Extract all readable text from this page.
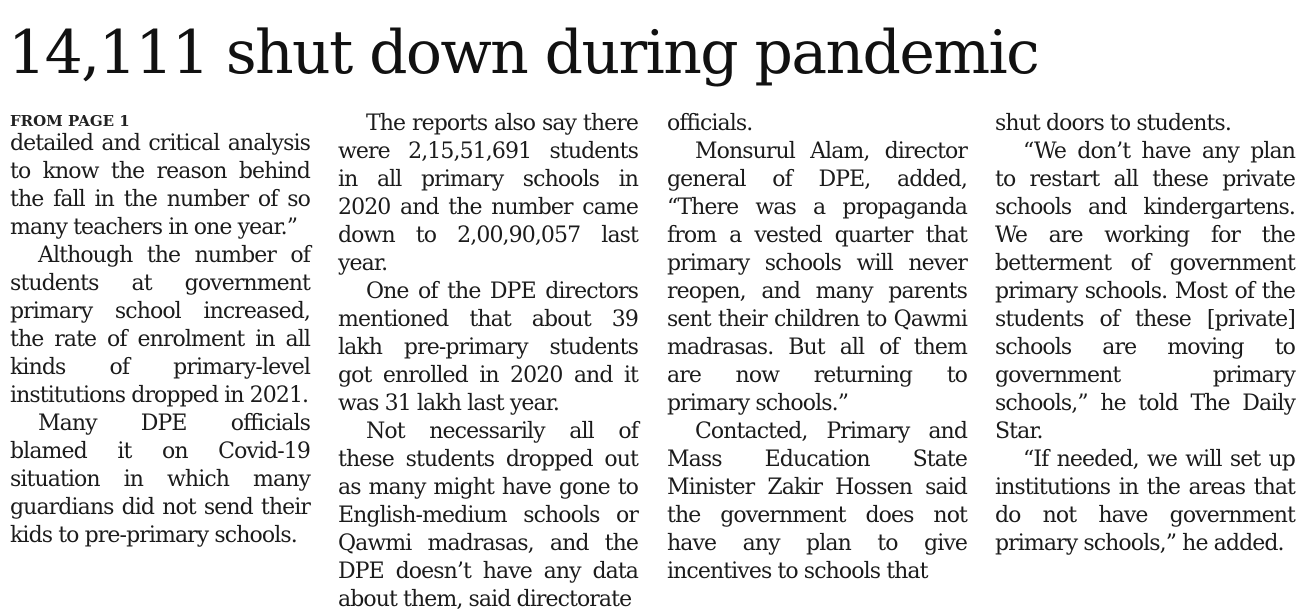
14,111 shut down during pandemic
FROM PAGE 1

detailed and critical analysis to know the reason behind the fall in the number of so many teachers in one year.”

Although the number of students at government primary school increased, the rate of enrolment in all kinds of primary-level institutions dropped in 2021.

Many DPE officials blamed it on Covid-19 situation in which many guardians did not send their kids to pre-primary schools.

The reports also say there were 2,15,51,691 students in all primary schools in 2020 and the number came down to 2,00,90,057 last year.

One of the DPE directors mentioned that about 39 lakh pre-primary students got enrolled in 2020 and it was 31 lakh last year.

Not necessarily all of these students dropped out as many might have gone to English-medium schools or Qawmi madrasas, and the DPE doesn’t have any data about them, said directorate

officials.

Monsurul Alam, director general of DPE, added, “There was a propaganda from a vested quarter that primary schools will never reopen, and many parents sent their children to Qawmi madrasas. But all of them are now returning to primary schools.”

Contacted, Primary and Mass Education State Minister Zakir Hossen said the government does not have any plan to give incentives to schools that

shut doors to students.

“We don’t have any plan to restart all these private schools and kindergartens. We are working for the betterment of government primary schools. Most of the students of these [private] schools are moving to government primary schools,” he told The Daily Star.

“If needed, we will set up institutions in the areas that do not have government primary schools,” he added.
